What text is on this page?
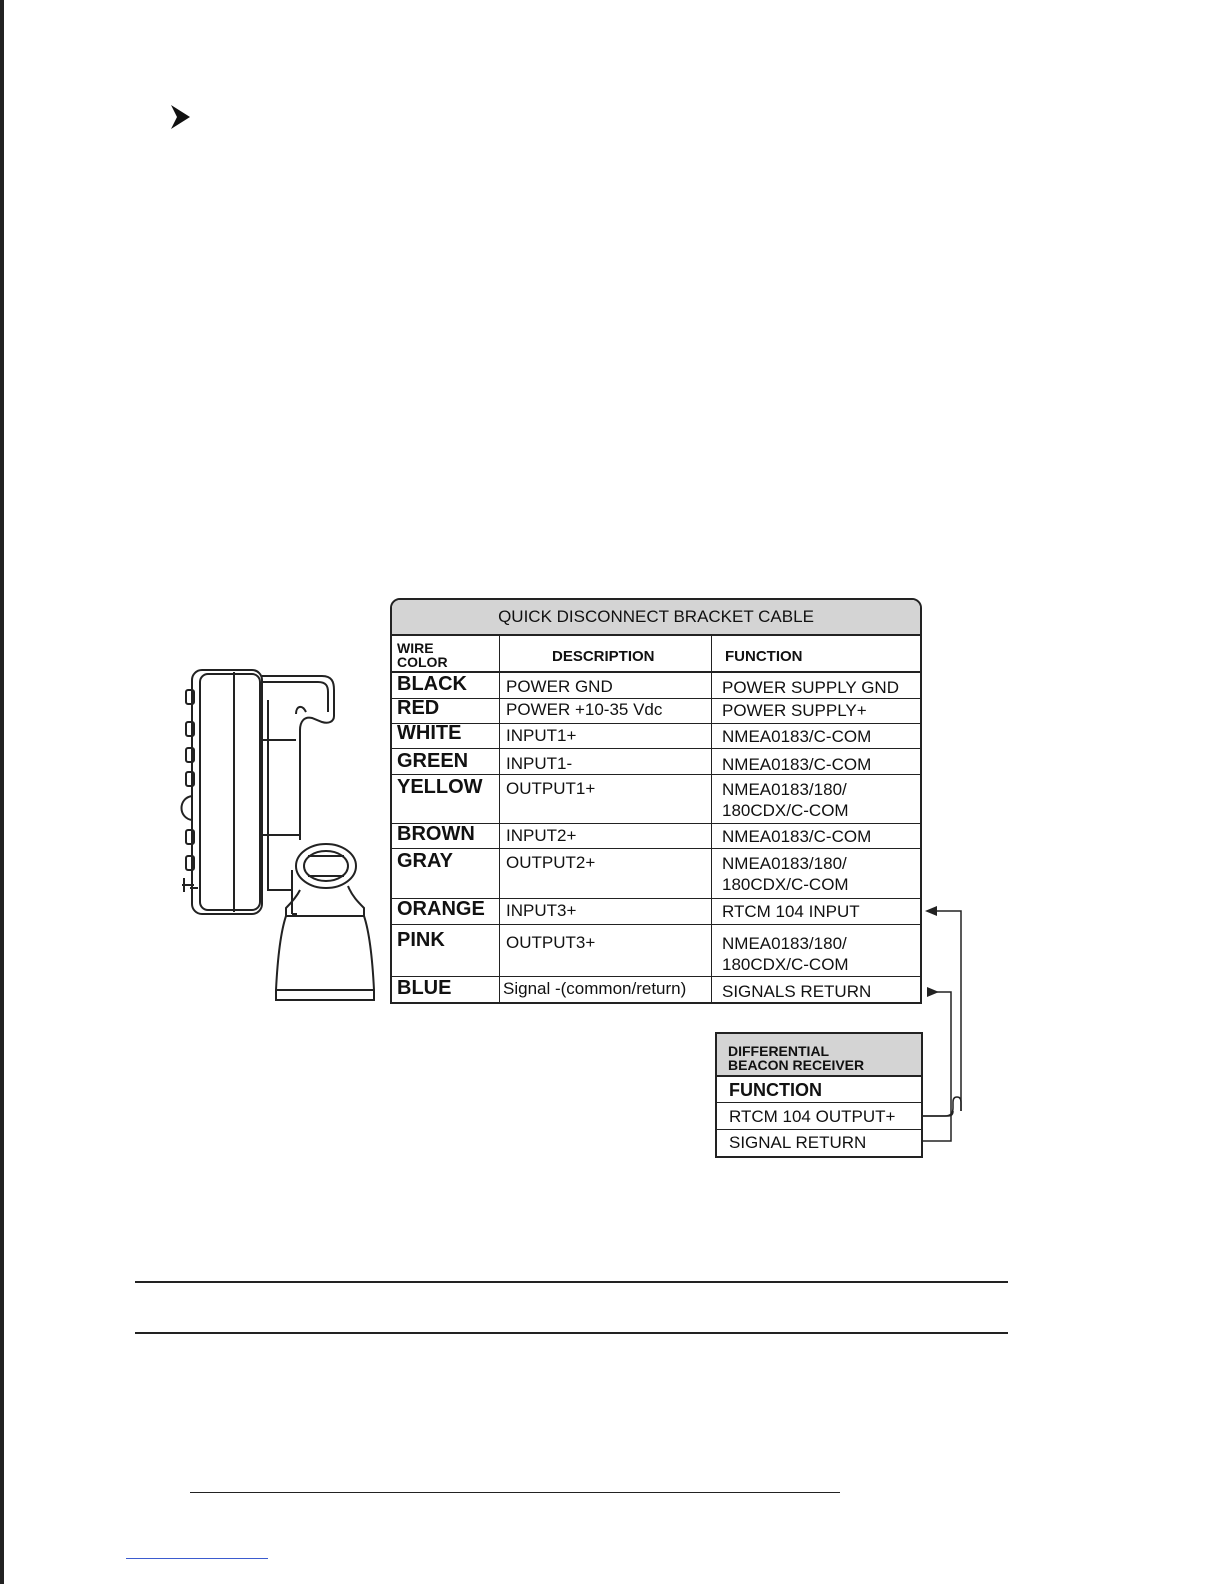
QUICK DISCONNECT BRACKET CABLE
WIRE
COLOR	DESCRIPTION	FUNCTION
BLACK POWER GND	POWER SUPPLY GND
RED	POWER +10-35 Vdc	POWER SUPPLY+
WHITE	INPUT1+	NMEA0183/C-COM
GREEN INPUT1-	NMEA0183/C-COM
YELLOW OUTPUT1+	NMEA0183/180/
180CDX/C-COM
BROWN INPUT2+	NMEA0183/C-COM
GRAY	OUTPUT2+	NMEA0183/180/
180CDX/C-COM
ORANGE INPUT3+	RTCM 104 INPUT
PINK	OUTPUT3+	NMEA0183/180/
180CDX/C-COM
BLUE	Signal -(common/return) SIGNALS RETURN
DIFFERENTIAL
BEACON RECEIVER
FUNCTION
RTCM 104 OUTPUT+
SIGNAL RETURN
